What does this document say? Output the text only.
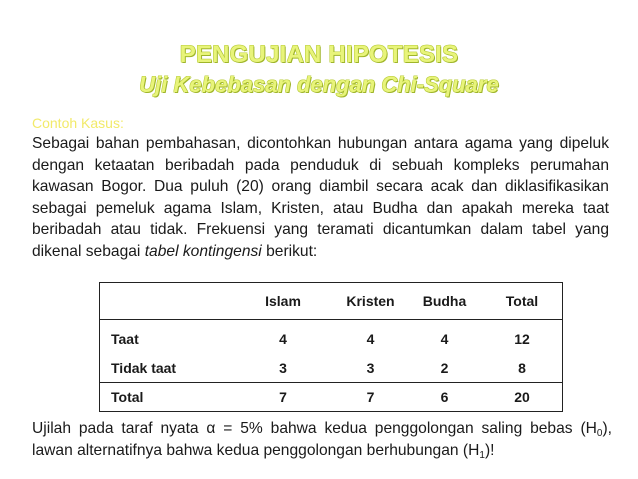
PENGUJIAN HIPOTESIS
Uji Kebebasan dengan Chi-Square
Contoh Kasus:
Sebagai bahan pembahasan, dicontohkan hubungan antara agama yang dipeluk dengan ketaatan beribadah pada penduduk di sebuah kompleks perumahan kawasan Bogor. Dua puluh (20) orang diambil secara acak dan diklasifikasikan sebagai pemeluk agama Islam, Kristen, atau Budha dan apakah mereka taat beribadah atau tidak. Frekuensi yang teramati dicantumkan dalam tabel yang dikenal sebagai tabel kontingensi berikut:
	Islam	Kristen	Budha	Total
Taat	4	4	4	12
Tidak taat	3	3	2	8
Total	7	7	6	20
Ujilah pada taraf nyata α = 5% bahwa kedua penggolongan saling bebas $(H_0)$, lawan alternatifnya bahwa kedua penggolongan berhubungan $(H_1)$!
